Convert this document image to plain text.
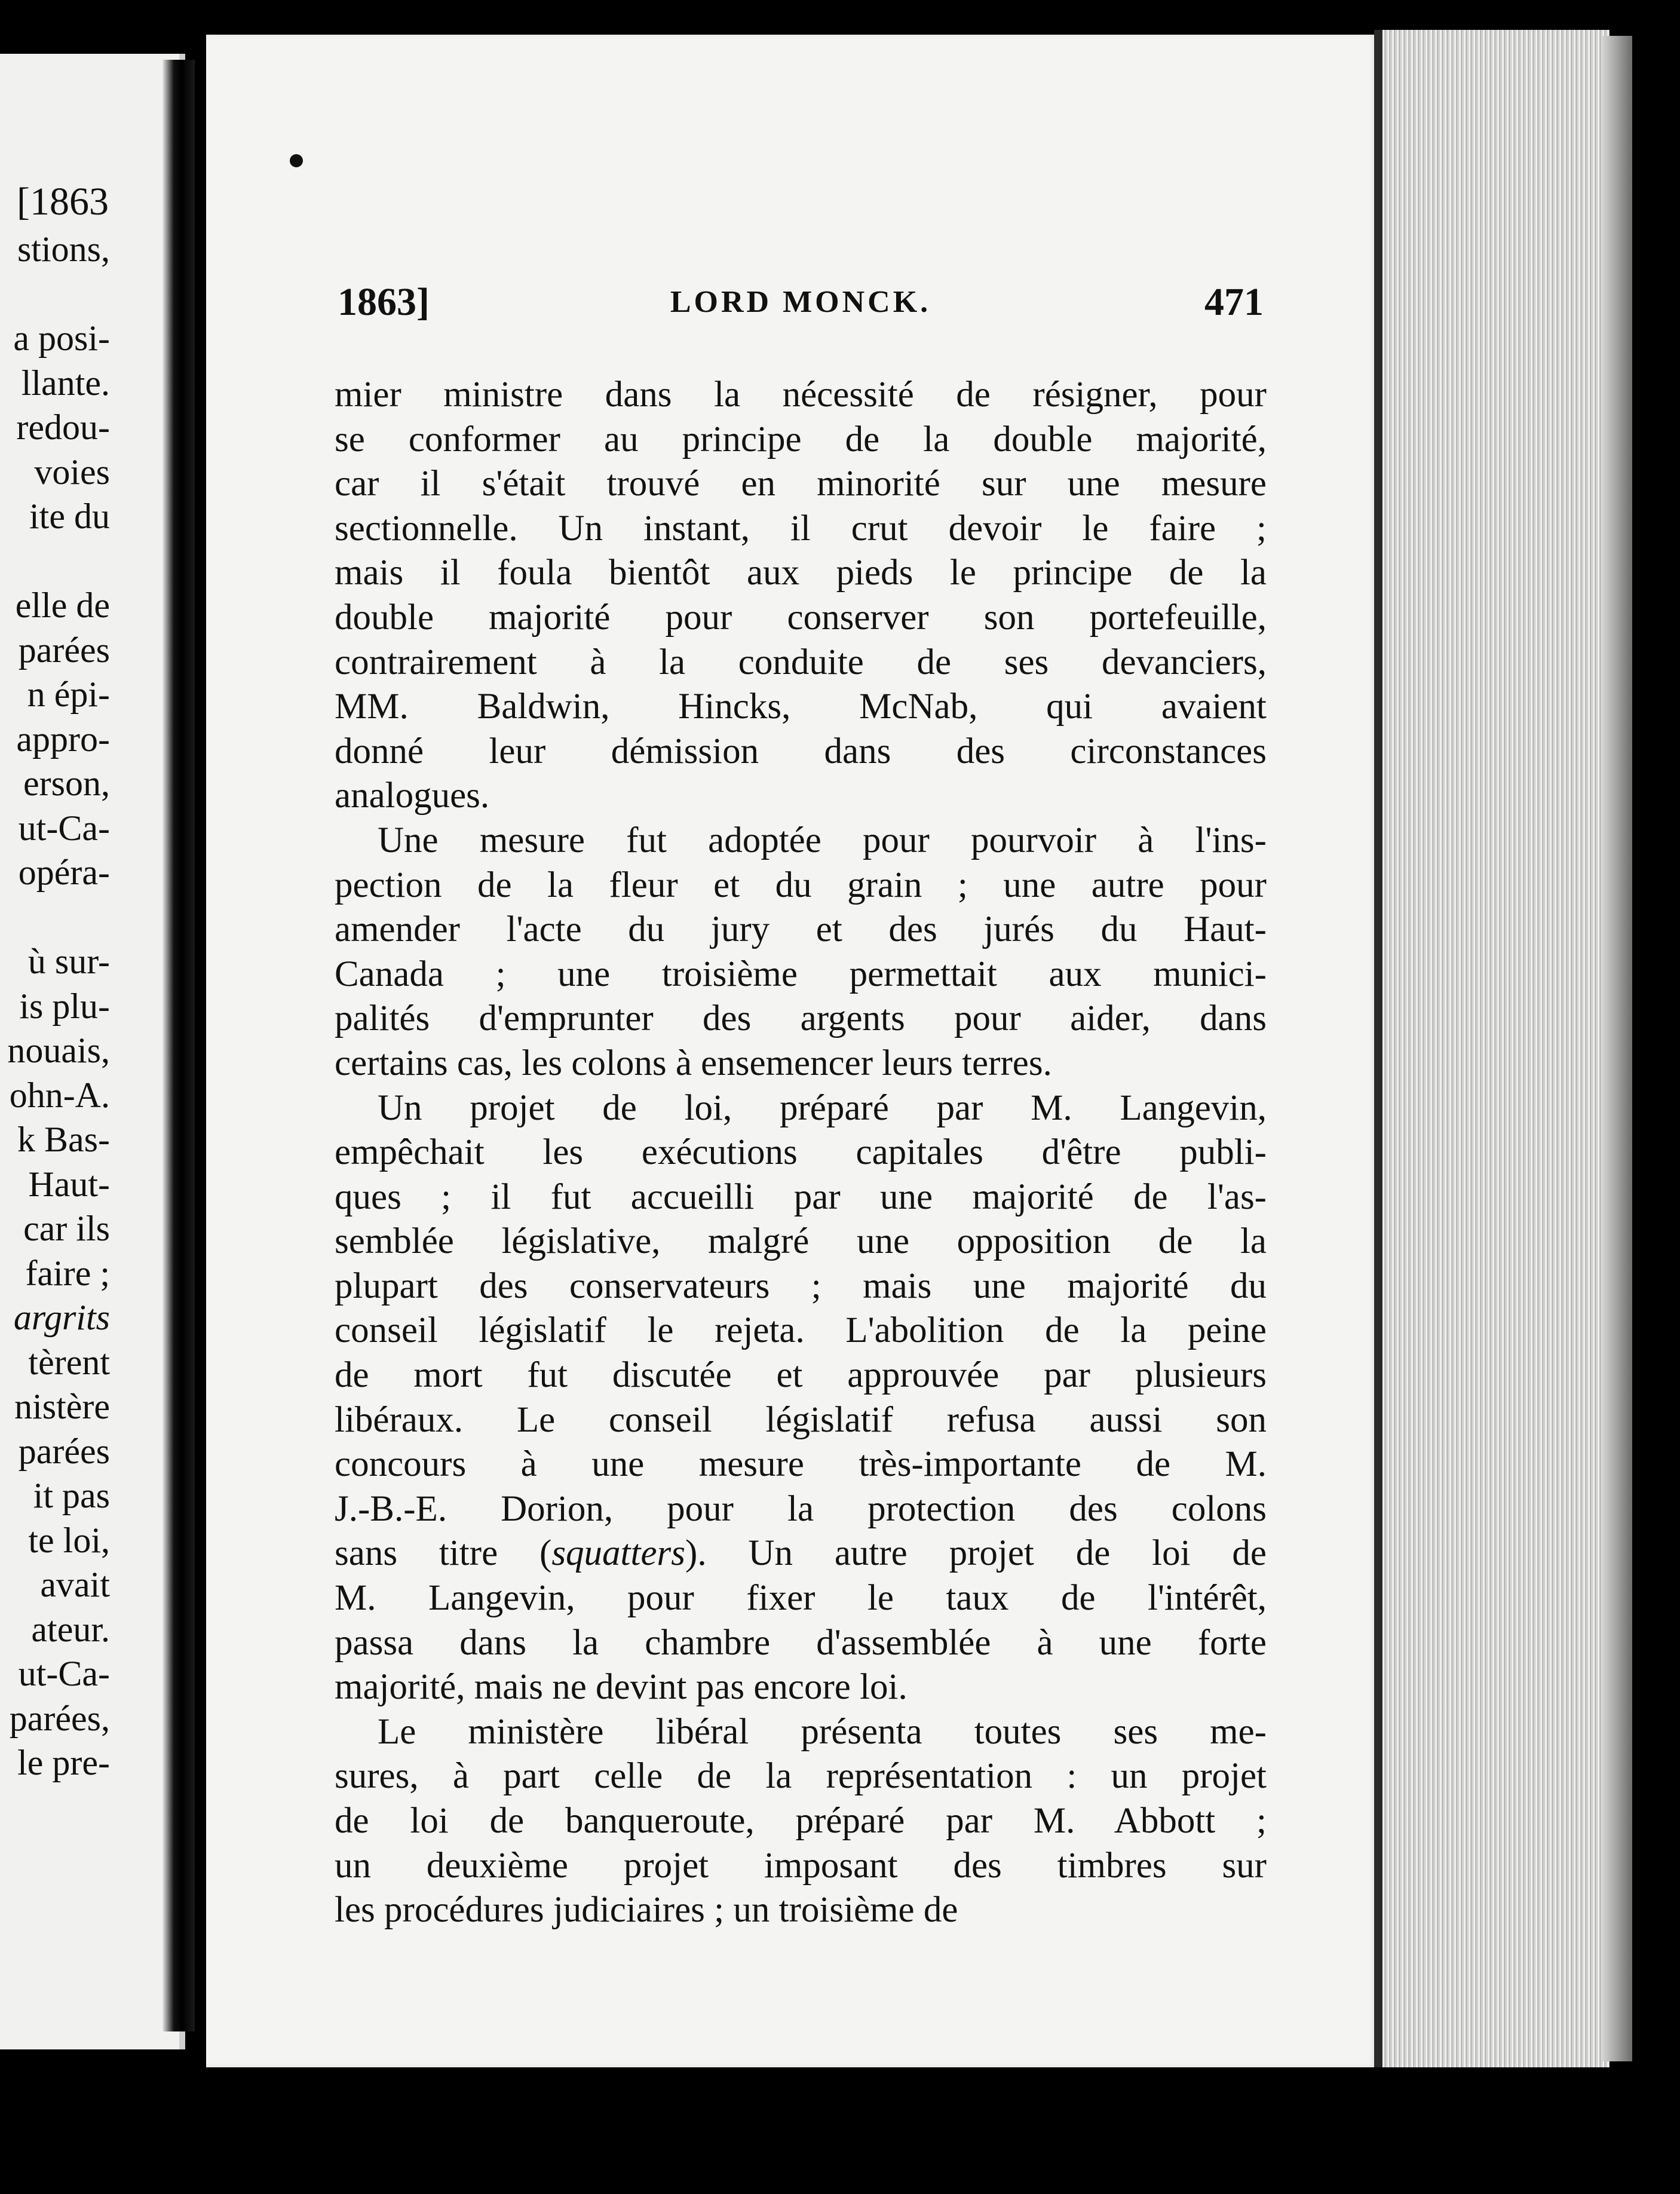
[1863
stions,
a posi-
llante.
redou-
voies
ite du
elle de
parées
n épi-
appro-
erson,
ut-Ca-
opéra-
ù sur-
is plu-
nouais,
ohn-A.
k Bas-
Haut-
car ils
faire ;
argrits
tèrent
nistère
parées
it pas
te loi,
avait
ateur.
ut-Ca-
parées,
le pre-
1863]	LORD MONCK.	471
mier ministre dans la nécessité de résigner, pour
se conformer au principe de la double majorité,
car il s'était trouvé en minorité sur une mesure
sectionnelle. Un instant, il crut devoir le faire ;
mais il foula bientôt aux pieds le principe de la
double majorité pour conserver son portefeuille,
contrairement à la conduite de ses devanciers,
MM. Baldwin, Hincks, McNab, qui avaient
donné leur démission dans des circonstances
analogues.
Une mesure fut adoptée pour pourvoir à l'ins-
pection de la fleur et du grain ; une autre pour
amender l'acte du jury et des jurés du Haut-
Canada ; une troisième permettait aux munici-
palités d'emprunter des argents pour aider, dans
certains cas, les colons à ensemencer leurs terres.
Un projet de loi, préparé par M. Langevin,
empêchait les exécutions capitales d'être publi-
ques ; il fut accueilli par une majorité de l'as-
semblée législative, malgré une opposition de la
plupart des conservateurs ; mais une majorité du
conseil législatif le rejeta. L'abolition de la peine
de mort fut discutée et approuvée par plusieurs
libéraux. Le conseil législatif refusa aussi son
concours à une mesure très-importante de M.
J.-B.-E. Dorion, pour la protection des colons
sans titre (squatters). Un autre projet de loi de
M. Langevin, pour fixer le taux de l'intérêt,
passa dans la chambre d'assemblée à une forte
majorité, mais ne devint pas encore loi.
Le ministère libéral présenta toutes ses me-
sures, à part celle de la représentation : un projet
de loi de banqueroute, préparé par M. Abbott ;
un deuxième projet imposant des timbres sur
les procédures judiciaires ; un troisième de
